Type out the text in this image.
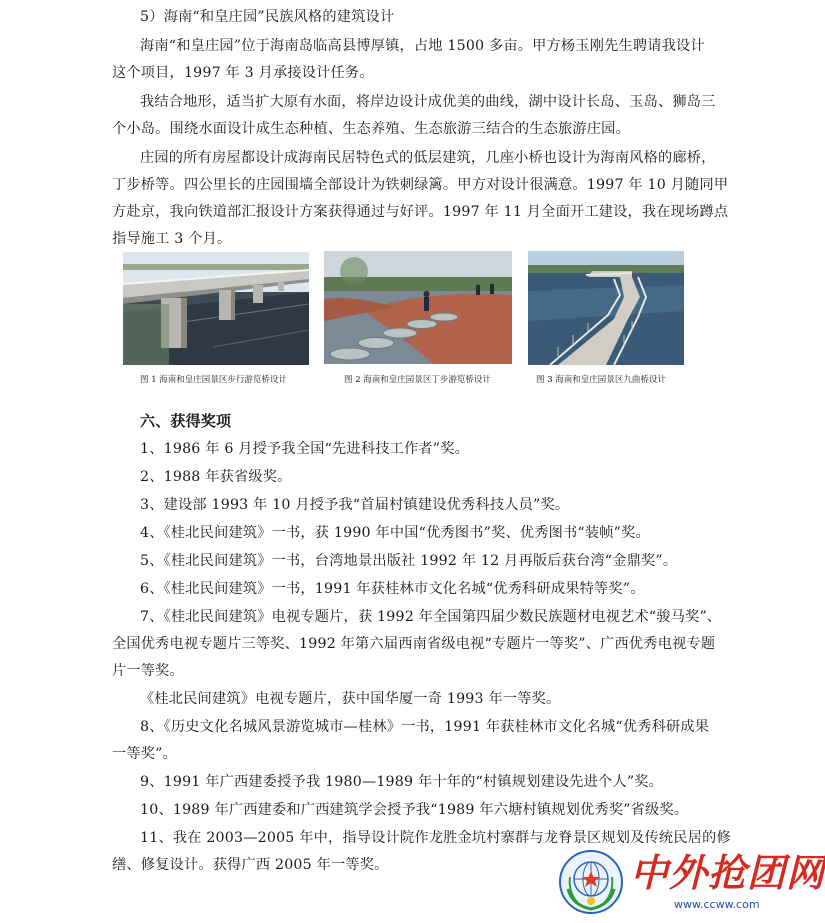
5）海南“和皇庄园”民族风格的建筑设计

海南“和皇庄园”位于海南岛临高县博厚镇，占地 1500 多亩。甲方杨玉刚先生聘请我设计

这个项目，1997 年 3 月承接设计任务。

我结合地形，适当扩大原有水面，将岸边设计成优美的曲线，湖中设计长岛、玉岛、狮岛三

个小岛。围绕水面设计成生态种植、生态养殖、生态旅游三结合的生态旅游庄园。

庄园的所有房屋都设计成海南民居特色式的低层建筑，几座小桥也设计为海南风格的廊桥，

丁步桥等。四公里长的庄园围墙全部设计为铁刺绿篱。甲方对设计很满意。1997 年 10 月随同甲

方赴京，我向铁道部汇报设计方案获得通过与好评。1997 年 11 月全面开工建设，我在现场蹲点

指导施工 3 个月。

图 1 海南和皇庄园景区步行游览桥设计	图 2 海南和皇庄园景区丁步游览桥设计	图 3 海南和皇庄园景区九曲桥设计

六、获得奖项

1、1986 年 6 月授予我全国“先进科技工作者”奖。

2、1988 年获省级奖。

3、建设部 1993 年 10 月授予我“首届村镇建设优秀科技人员”奖。

4、《桂北民间建筑》一书，获 1990 年中国“优秀图书”奖、优秀图书“装帧”奖。

5、《桂北民间建筑》一书，台湾地景出版社 1992 年 12 月再版后获台湾“金鼎奖”。

6、《桂北民间建筑》一书，1991 年获桂林市文化名城“优秀科研成果特等奖”。

7、《桂北民间建筑》电视专题片，获 1992 年全国第四届少数民族题材电视艺术“骏马奖”、

全国优秀电视专题片三等奖、1992 年第六届西南省级电视“专题片一等奖”、广西优秀电视专题

片一等奖。

《桂北民间建筑》电视专题片，获中国华厦一奇 1993 年一等奖。

8、《历史文化名城风景游览城市—桂林》一书，1991 年获桂林市文化名城“优秀科研成果

一等奖”。

9、1991 年广西建委授予我 1980—1989 年十年的“村镇规划建设先进个人”奖。

10、1989 年广西建委和广西建筑学会授予我“1989 年六塘村镇规划优秀奖”省级奖。

11、我在 2003—2005 年中，指导设计院作龙胜金坑村寨群与龙脊景区规划及传统民居的修

缮、修复设计。获得广西 2005 年一等奖。	中外抢团网
www.ccww.com
